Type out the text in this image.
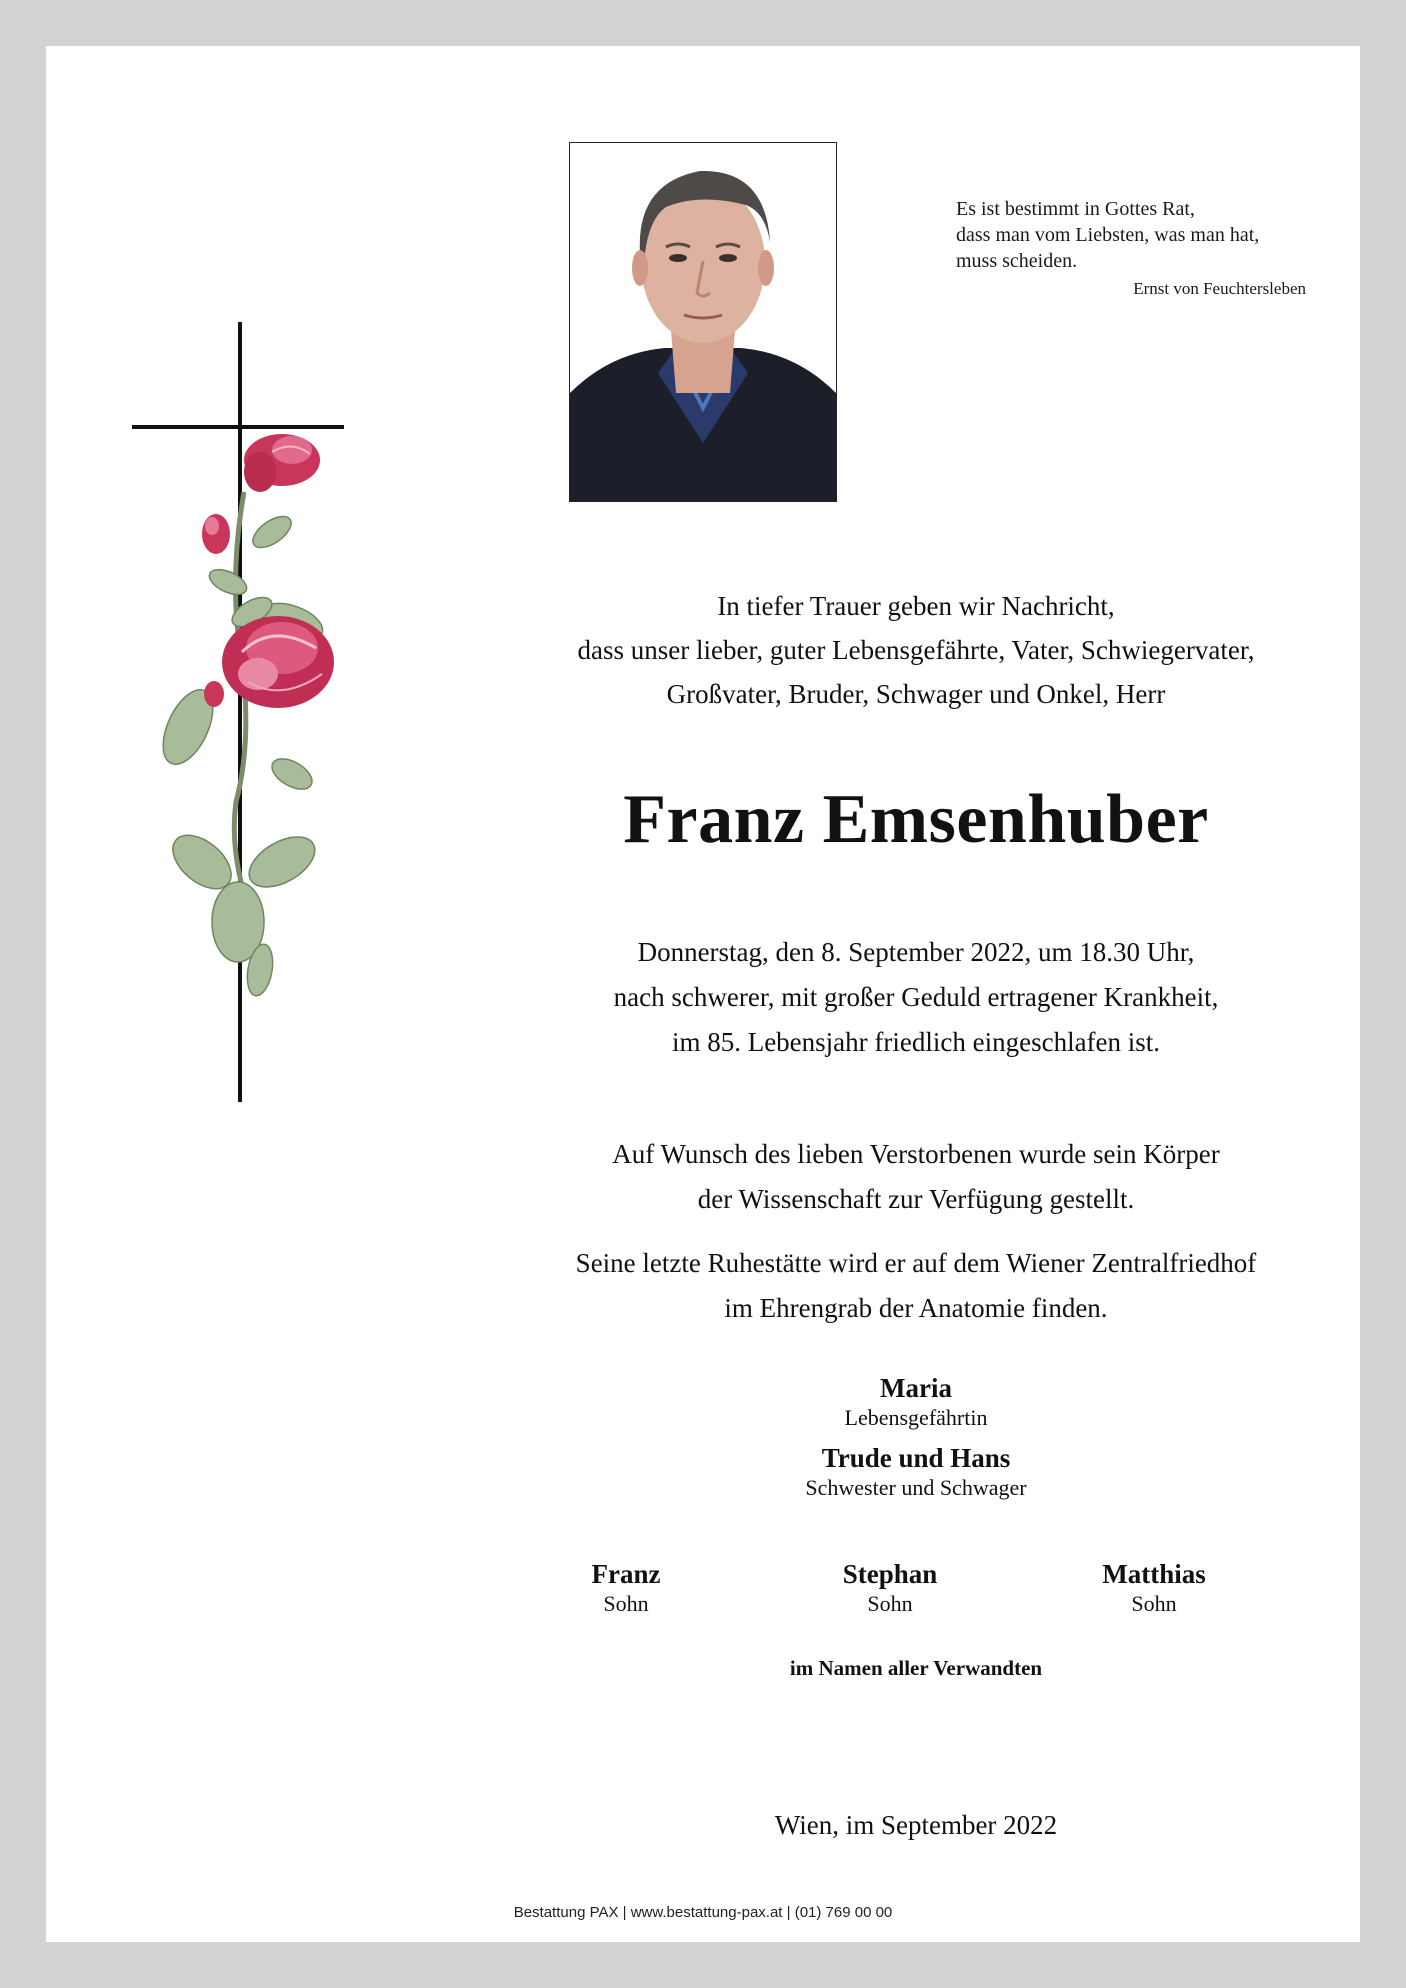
Es ist bestimmt in Gottes Rat,
dass man vom Liebsten, was man hat,
muss scheiden.
Ernst von Feuchtersleben
In tiefer Trauer geben wir Nachricht,
dass unser lieber, guter Lebensgefährte, Vater, Schwiegervater,
Großvater, Bruder, Schwager und Onkel, Herr
Franz Emsenhuber
Donnerstag, den 8. September 2022, um 18.30 Uhr,
nach schwerer, mit großer Geduld ertragener Krankheit,
im 85. Lebensjahr friedlich eingeschlafen ist.
Auf Wunsch des lieben Verstorbenen wurde sein Körper
der Wissenschaft zur Verfügung gestellt.
Seine letzte Ruhestätte wird er auf dem Wiener Zentralfriedhof
im Ehrengrab der Anatomie finden.
Maria
Lebensgefährtin
Trude und Hans
Schwester und Schwager
Franz
Sohn
Stephan
Sohn
Matthias
Sohn
im Namen aller Verwandten
Wien, im September 2022
Bestattung PAX | www.bestattung-pax.at | (01) 769 00 00
